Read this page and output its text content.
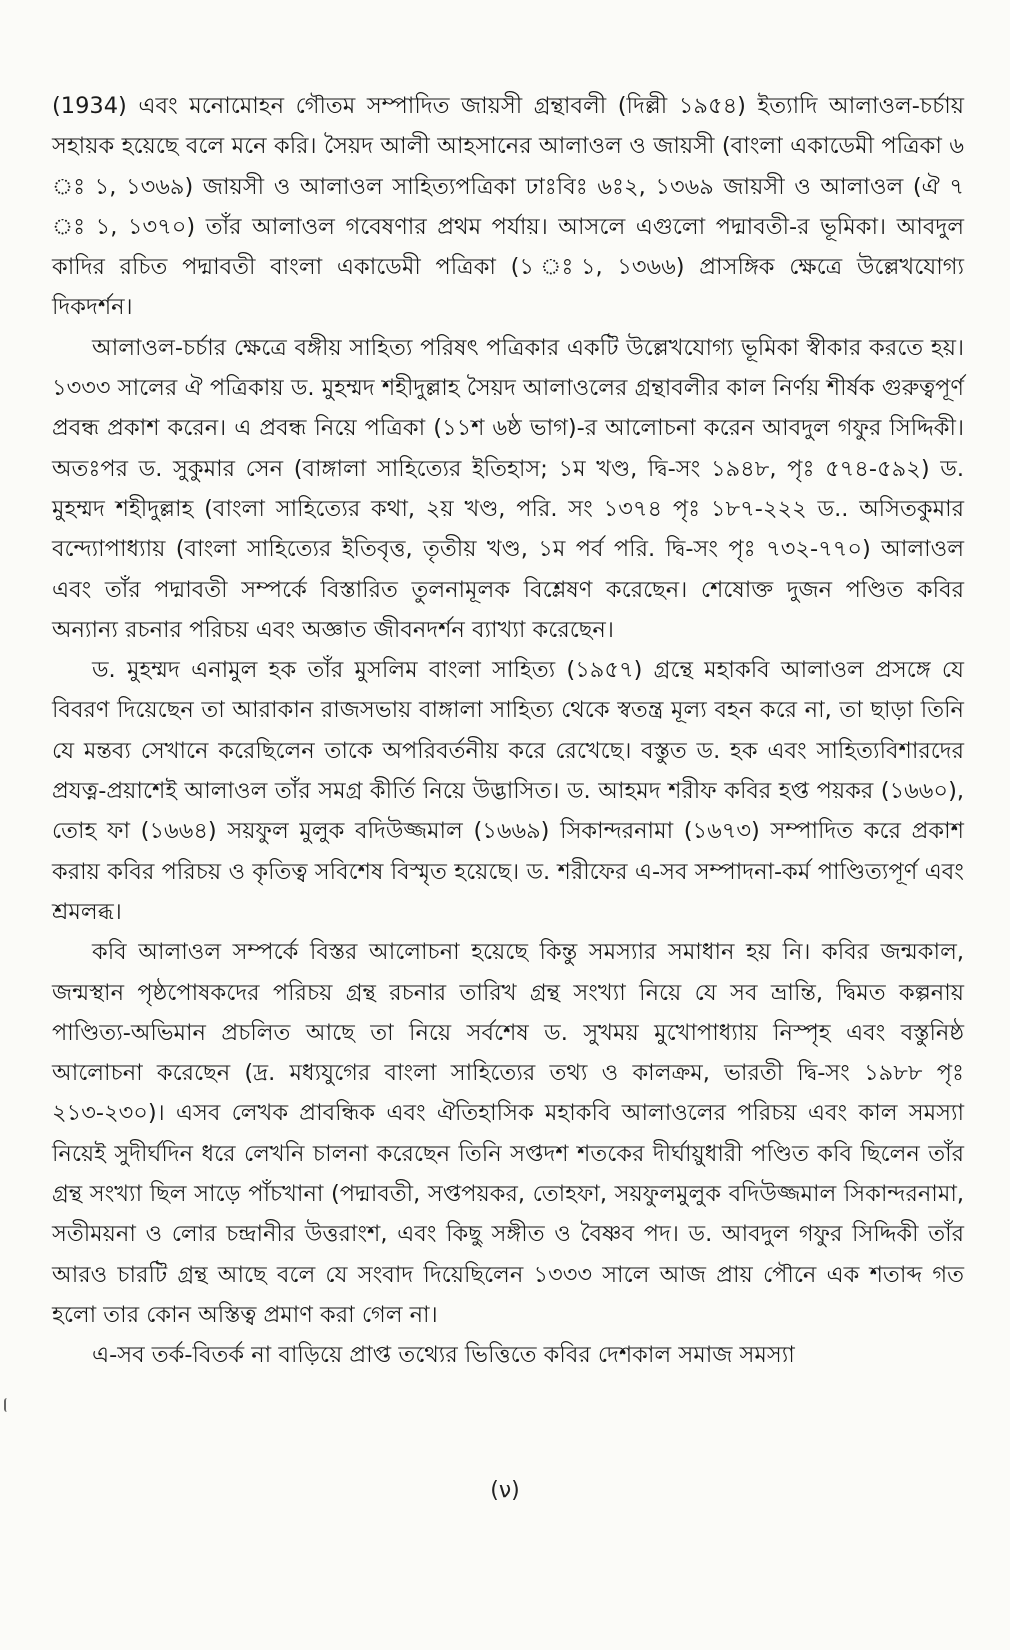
(1934) এবং মনোমোহন গৌতম সম্পাদিত জায়সী গ্রন্থাবলী (দিল্লী ১৯৫৪) ইত্যাদি আলাওল-চর্চায় সহায়ক হয়েছে বলে মনে করি। সৈয়দ আলী আহসানের আলাওল ও জায়সী (বাংলা একাডেমী পত্রিকা ৬ ঃ ১, ১৩৬৯) জায়সী ও আলাওল সাহিত্যপত্রিকা ঢাঃবিঃ ৬ঃ২, ১৩৬৯ জায়সী ও আলাওল (ঐ ৭ ঃ ১, ১৩৭০) তাঁর আলাওল গবেষণার প্রথম পর্যায়। আসলে এগুলো পদ্মাবতী-র ভূমিকা। আবদুল কাদির রচিত পদ্মাবতী বাংলা একাডেমী পত্রিকা (১ ঃ১, ১৩৬৬) প্রাসঙ্গিক ক্ষেত্রে উল্লেখযোগ্য দিকদর্শন।

আলাওল-চর্চার ক্ষেত্রে বঙ্গীয় সাহিত্য পরিষৎ পত্রিকার একটি উল্লেখযোগ্য ভূমিকা স্বীকার করতে হয়। ১৩৩৩ সালের ঐ পত্রিকায় ড. মুহম্মদ শহীদুল্লাহ সৈয়দ আলাওলের গ্রন্থাবলীর কাল নির্ণয় শীর্ষক গুরুত্বপূর্ণ প্রবন্ধ প্রকাশ করেন। এ প্রবন্ধ নিয়ে পত্রিকা (১১শ ৬ষ্ঠ ভাগ)-র আলোচনা করেন আবদুল গফুর সিদ্দিকী। অতঃপর ড. সুকুমার সেন (বাঙ্গালা সাহিত্যের ইতিহাস; ১ম খণ্ড, দ্বি-সং ১৯৪৮, পৃঃ ৫৭৪-৫৯২) ড. মুহম্মদ শহীদুল্লাহ (বাংলা সাহিত্যের কথা, ২য় খণ্ড, পরি. সং ১৩৭৪ পৃঃ ১৮৭-২২২ ড.. অসিতকুমার বন্দ্যোপাধ্যায় (বাংলা সাহিত্যের ইতিবৃত্ত, তৃতীয় খণ্ড, ১ম পর্ব পরি. দ্বি-সং পৃঃ ৭৩২-৭৭০) আলাওল এবং তাঁর পদ্মাবতী সম্পর্কে বিস্তারিত তুলনামূলক বিশ্লেষণ করেছেন। শেষোক্ত দুজন পণ্ডিত কবির অন্যান্য রচনার পরিচয় এবং অজ্ঞাত জীবনদর্শন ব্যাখ্যা করেছেন।

ড. মুহম্মদ এনামুল হক তাঁর মুসলিম বাংলা সাহিত্য (১৯৫৭) গ্রন্থে মহাকবি আলাওল প্রসঙ্গে যে বিবরণ দিয়েছেন তা আরাকান রাজসভায় বাঙ্গালা সাহিত্য থেকে স্বতন্ত্র মূল্য বহন করে না, তা ছাড়া তিনি যে মন্তব্য সেখানে করেছিলেন তাকে অপরিবর্তনীয় করে রেখেছে। বস্তুত ড. হক এবং সাহিত্যবিশারদের প্রযত্ন-প্রয়াশেই আলাওল তাঁর সমগ্র কীর্তি নিয়ে উদ্ভাসিত। ড. আহমদ শরীফ কবির হপ্ত পয়কর (১৬৬০), তোহ ফা (১৬৬৪) সয়ফুল মুলুক বদিউজ্জমাল (১৬৬৯) সিকান্দরনামা (১৬৭৩) সম্পাদিত করে প্রকাশ করায় কবির পরিচয় ও কৃতিত্ব সবিশেষ বিস্মৃত হয়েছে। ড. শরীফের এ-সব সম্পাদনা-কর্ম পাণ্ডিত্যপূর্ণ এবং শ্রমলব্ধ।

কবি আলাওল সম্পর্কে বিস্তর আলোচনা হয়েছে কিন্তু সমস্যার সমাধান হয় নি। কবির জন্মকাল, জন্মস্থান পৃষ্ঠপোষকদের পরিচয় গ্রন্থ রচনার তারিখ গ্রন্থ সংখ্যা নিয়ে যে সব ভ্রান্তি, দ্বিমত কল্পনায় পাণ্ডিত্য-অভিমান প্রচলিত আছে তা নিয়ে সর্বশেষ ড. সুখময় মুখোপাধ্যায় নিস্পৃহ এবং বস্তুনিষ্ঠ আলোচনা করেছেন (দ্র. মধ্যযুগের বাংলা সাহিত্যের তথ্য ও কালক্রম, ভারতী দ্বি-সং ১৯৮৮ পৃঃ ২১৩-২৩০)। এসব লেখক প্রাবন্ধিক এবং ঐতিহাসিক মহাকবি আলাওলের পরিচয় এবং কাল সমস্যা নিয়েই সুদীর্ঘদিন ধরে লেখনি চালনা করেছেন তিনি সপ্তদশ শতকের দীর্ঘায়ুধারী পণ্ডিত কবি ছিলেন তাঁর গ্রন্থ সংখ্যা ছিল সাড়ে পাঁচখানা (পদ্মাবতী, সপ্তপয়কর, তোহফা, সয়ফুলমুলুক বদিউজ্জমাল সিকান্দরনামা, সতীময়না ও লোর চন্দ্রানীর উত্তরাংশ, এবং কিছু সঙ্গীত ও বৈষ্ণব পদ। ড. আবদুল গফুর সিদ্দিকী তাঁর আরও চারটি গ্রন্থ আছে বলে যে সংবাদ দিয়েছিলেন ১৩৩৩ সালে আজ প্রায় পৌনে এক শতাব্দ গত হলো তার কোন অস্তিত্ব প্রমাণ করা গেল না।

এ-সব তর্ক-বিতর্ক না বাড়িয়ে প্রাপ্ত তথ্যের ভিত্তিতে কবির দেশকাল সমাজ সমস্যা

(ν)
